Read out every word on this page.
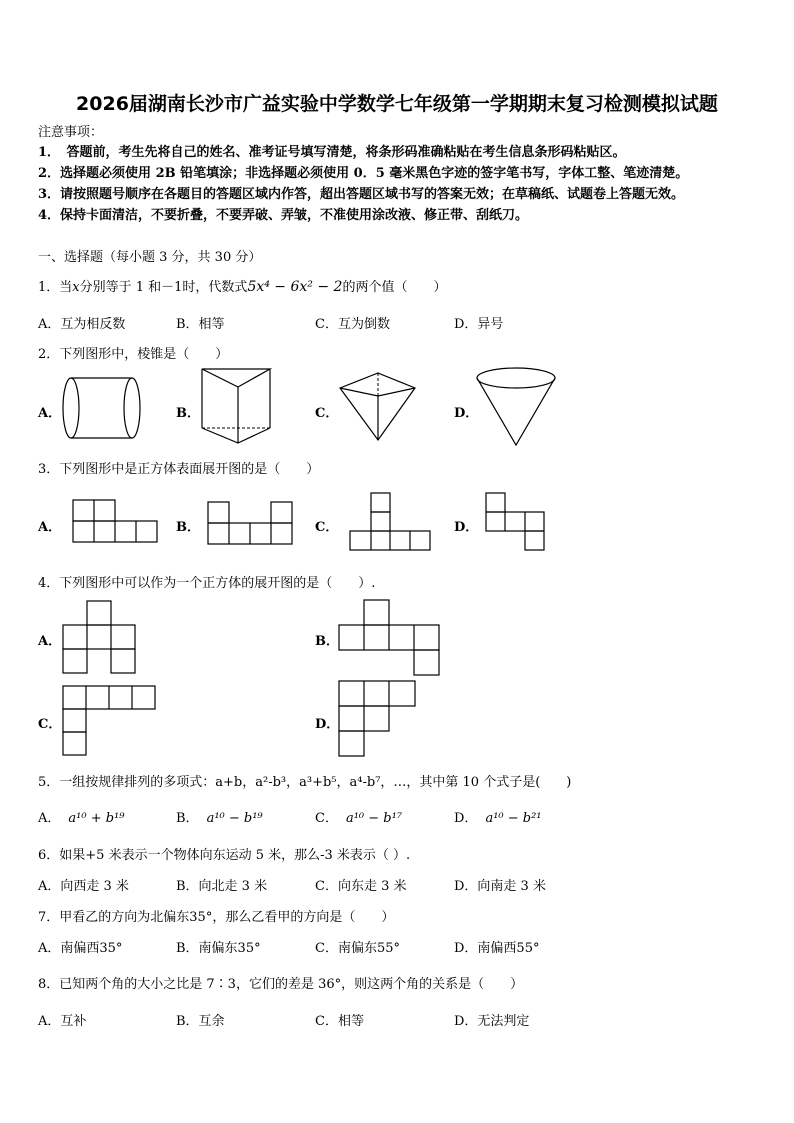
2026届湖南长沙市广益实验中学数学七年级第一学期期末复习检测模拟试题
注意事项：
1．　答题前，考生先将自己的姓名、准考证号填写清楚，将条形码准确粘贴在考生信息条形码粘贴区。
2．选择题必须使用 2B 铅笔填涂；非选择题必须使用 0．5 毫米黑色字迹的签字笔书写，字体工整、笔迹清楚。
3．请按照题号顺序在各题目的答题区域内作答，超出答题区域书写的答案无效；在草稿纸、试题卷上答题无效。
4．保持卡面清洁，不要折叠，不要弄破、弄皱，不准使用涂改液、修正带、刮纸刀。
一、选择题（每小题 3 分，共 30 分）
1．当x分别等于 1 和－1时，代数式5x⁴ − 6x² − 2的两个值（　　）
A．互为相反数	B．相等	C．互为倒数	D．异号
2．下列图形中，棱锥是（　　）
A．	B．	C．	D．
3．下列图形中是正方体表面展开图的是（　　）
A．	B．	C．	D．
4．下列图形中可以作为一个正方体的展开图的是（　　）.
A．	B．
C．	D．
5．一组按规律排列的多项式：a+b，a²-b³，a³+b⁵，a⁴-b⁷，…，其中第 10 个式子是(　　)
A． a¹⁰ + b¹⁹	B． a¹⁰ − b¹⁹	C． a¹⁰ − b¹⁷	D． a¹⁰ − b²¹
6．如果+5 米表示一个物体向东运动 5 米，那么-3 米表示（ ）.
A．向西走 3 米	B．向北走 3 米	C．向东走 3 米	D．向南走 3 米
7．甲看乙的方向为北偏东35°，那么乙看甲的方向是（　　）
A．南偏西35°	B．南偏东35°	C．南偏东55°	D．南偏西55°
8．已知两个角的大小之比是 7∶3，它们的差是 36°，则这两个角的关系是（　　）
A．互补	B．互余	C．相等	D．无法判定
